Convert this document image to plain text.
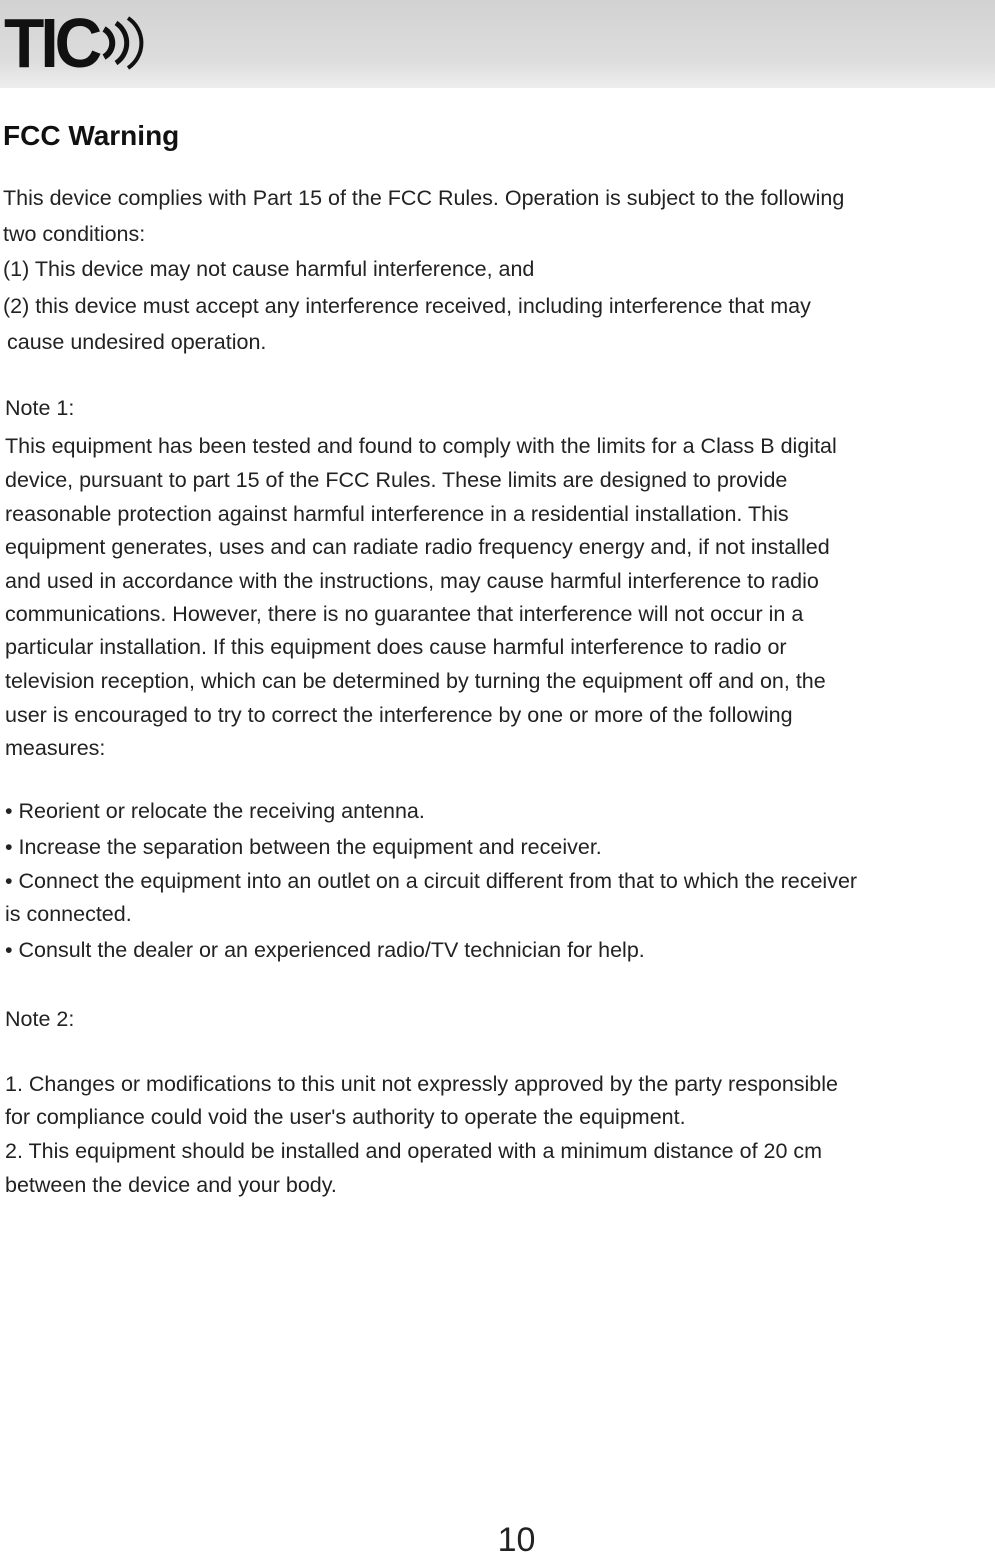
TIC
FCC Warning
This device complies with Part 15 of the FCC Rules. Operation is subject to the following
two conditions:
(1) This device may not cause harmful interference, and
(2) this device must accept any interference received, including interference that may
cause undesired operation.
Note 1:
This equipment has been tested and found to comply with the limits for a Class B digital
device, pursuant to part 15 of the FCC Rules. These limits are designed to provide
reasonable protection against harmful interference in a residential installation. This
equipment generates, uses and can radiate radio frequency energy and, if not installed
and used in accordance with the instructions, may cause harmful interference to radio
communications. However, there is no guarantee that interference will not occur in a
particular installation. If this equipment does cause harmful interference to radio or
television reception, which can be determined by turning the equipment off and on, the
user is encouraged to try to correct the interference by one or more of the following
measures:
• Reorient or relocate the receiving antenna.
• Increase the separation between the equipment and receiver.
• Connect the equipment into an outlet on a circuit different from that to which the receiver
is connected.
• Consult the dealer or an experienced radio/TV technician for help.
Note 2:
1. Changes or modifications to this unit not expressly approved by the party responsible
for compliance could void the user's authority to operate the equipment.
2. This equipment should be installed and operated with a minimum distance of 20 cm
between the device and your body.
10
